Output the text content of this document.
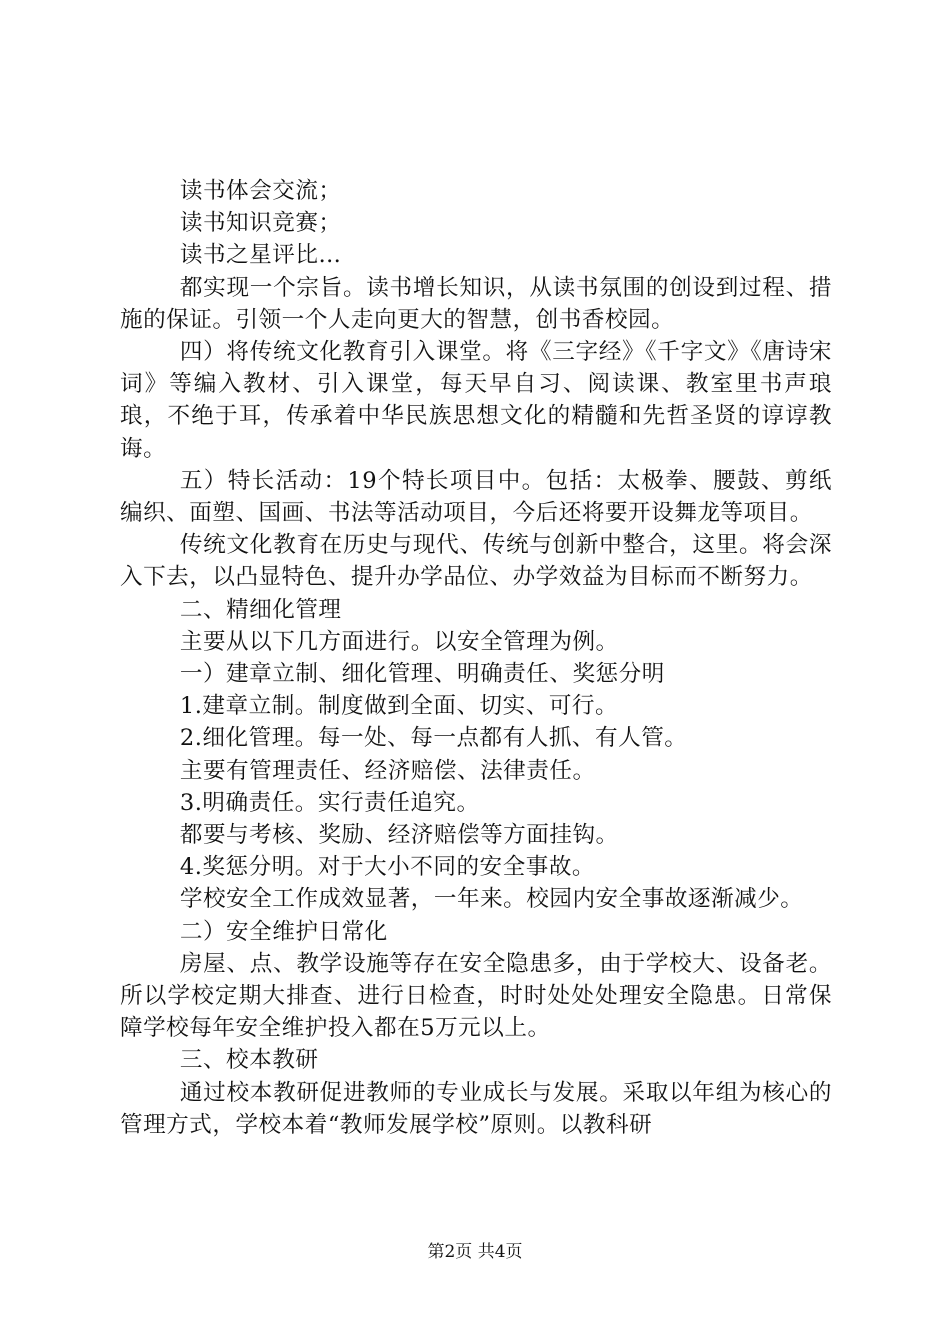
读书体会交流；

读书知识竞赛；

读书之星评比…

都实现一个宗旨。读书增长知识，从读书氛围的创设到过程、措施的保证。引领一个人走向更大的智慧，创书香校园。

四）将传统文化教育引入课堂。将《三字经》《千字文》《唐诗宋词》等编入教材、引入课堂，每天早自习、阅读课、教室里书声琅琅，不绝于耳，传承着中华民族思想文化的精髓和先哲圣贤的谆谆教诲。

五）特长活动：19个特长项目中。包括：太极拳、腰鼓、剪纸编织、面塑、国画、书法等活动项目，今后还将要开设舞龙等项目。

传统文化教育在历史与现代、传统与创新中整合，这里。将会深入下去，以凸显特色、提升办学品位、办学效益为目标而不断努力。

二、精细化管理

主要从以下几方面进行。以安全管理为例。

一）建章立制、细化管理、明确责任、奖惩分明

1.建章立制。制度做到全面、切实、可行。

2.细化管理。每一处、每一点都有人抓、有人管。

主要有管理责任、经济赔偿、法律责任。

3.明确责任。实行责任追究。

都要与考核、奖励、经济赔偿等方面挂钩。

4.奖惩分明。对于大小不同的安全事故。

学校安全工作成效显著，一年来。校园内安全事故逐渐减少。

二）安全维护日常化

房屋、点、教学设施等存在安全隐患多，由于学校大、设备老。所以学校定期大排查、进行日检查，时时处处处理安全隐患。日常保障学校每年安全维护投入都在5万元以上。

三、校本教研

通过校本教研促进教师的专业成长与发展。采取以年组为核心的管理方式，学校本着“教师发展学校”原则。以教科研

第2页 共4页
